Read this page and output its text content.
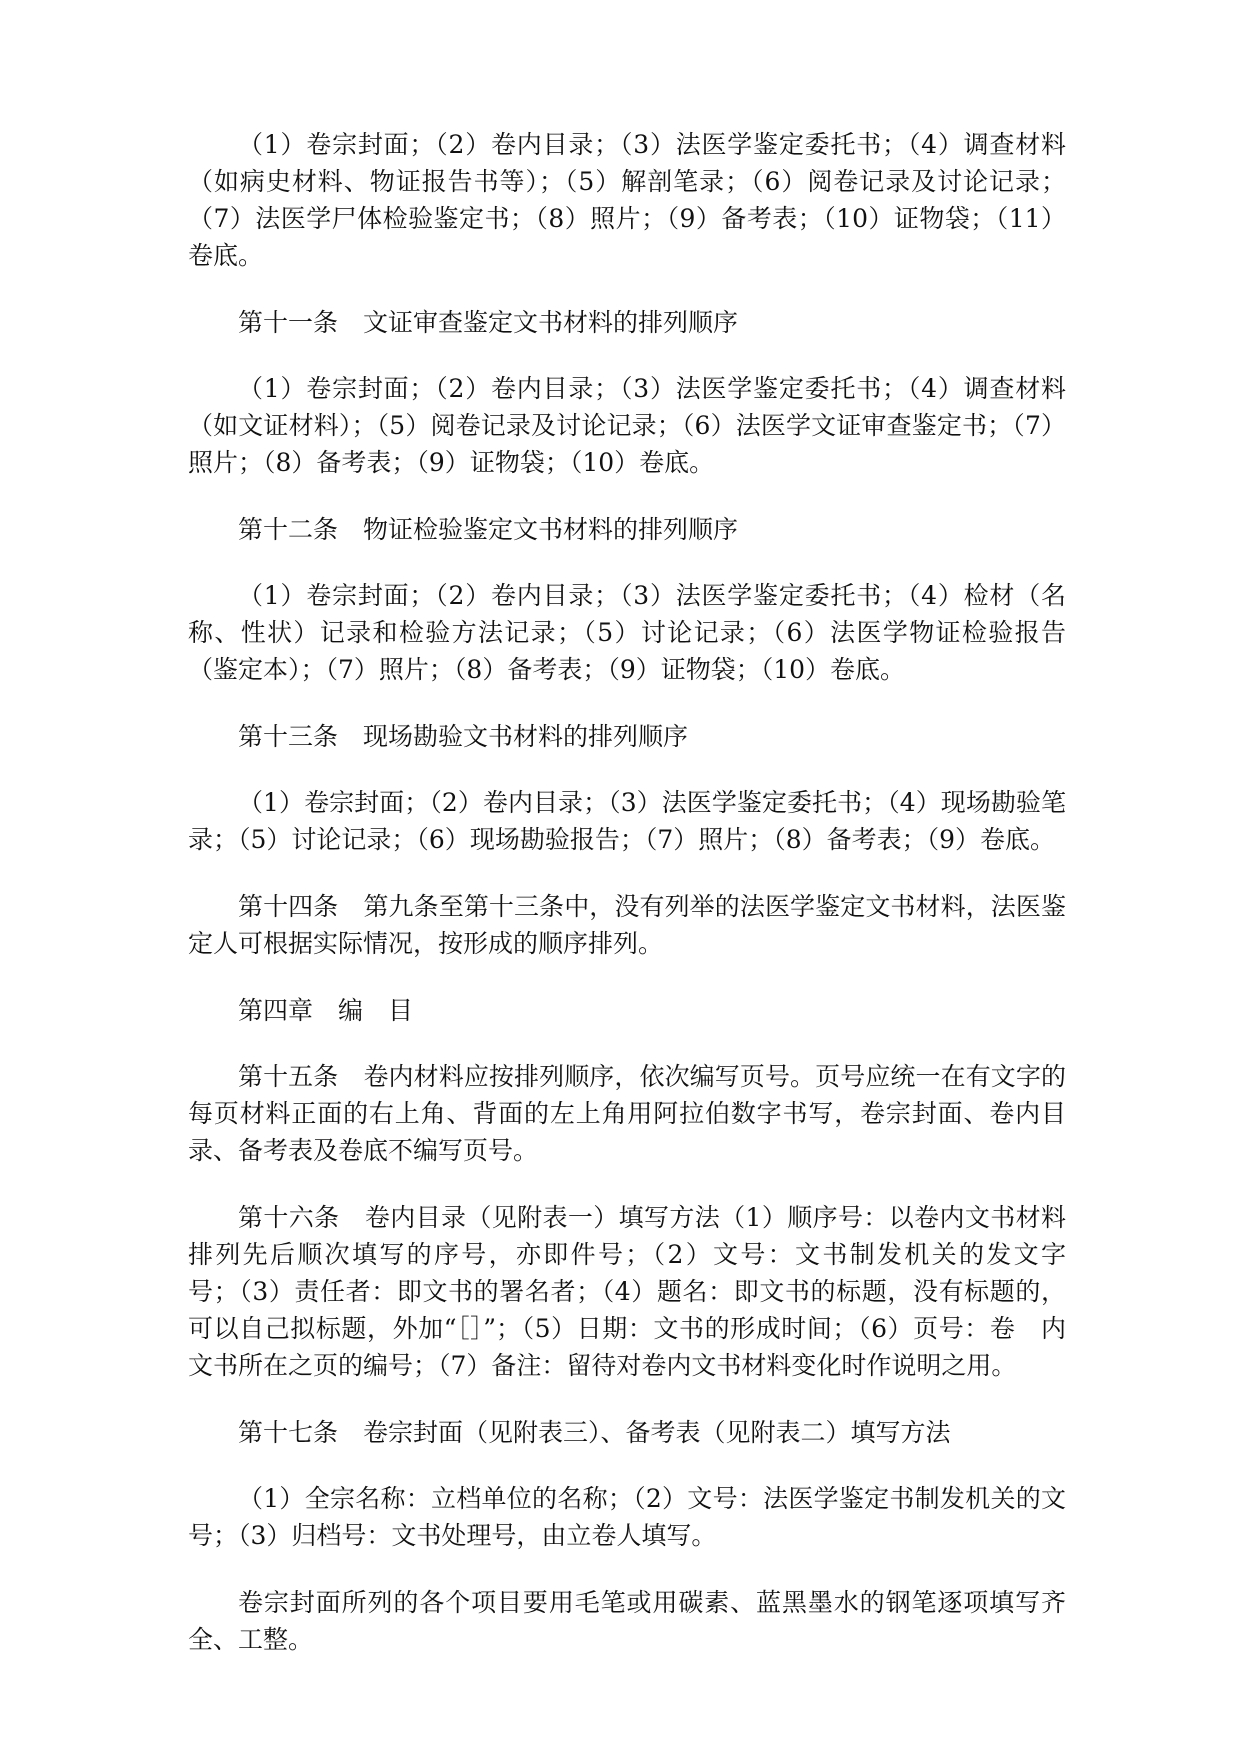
（1）卷宗封面；（2）卷内目录；（3）法医学鉴定委托书；（4）调查材料（如病史材料、物证报告书等）；（5）解剖笔录；（6）阅卷记录及讨论记录；（7）法医学尸体检验鉴定书；（8）照片；（9）备考表；（10）证物袋；（11）卷底。

第十一条　文证审查鉴定文书材料的排列顺序

（1）卷宗封面；（2）卷内目录；（3）法医学鉴定委托书；（4）调查材料（如文证材料）；（5）阅卷记录及讨论记录；（6）法医学文证审查鉴定书；（7）照片；（8）备考表；（9）证物袋；（10）卷底。

第十二条　物证检验鉴定文书材料的排列顺序

（1）卷宗封面；（2）卷内目录；（3）法医学鉴定委托书；（4）检材（名称、性状）记录和检验方法记录；（5）讨论记录；（6）法医学物证检验报告（鉴定本）；（7）照片；（8）备考表；（9）证物袋；（10）卷底。

第十三条　现场勘验文书材料的排列顺序

（1）卷宗封面；（2）卷内目录；（3）法医学鉴定委托书；（4）现场勘验笔录；（5）讨论记录；（6）现场勘验报告；（7）照片；（8）备考表；（9）卷底。

第十四条　第九条至第十三条中，没有列举的法医学鉴定文书材料，法医鉴定人可根据实际情况，按形成的顺序排列。

第四章　编　目

第十五条　卷内材料应按排列顺序，依次编写页号。页号应统一在有文字的每页材料正面的右上角、背面的左上角用阿拉伯数字书写，卷宗封面、卷内目录、备考表及卷底不编写页号。

第十六条　卷内目录（见附表一）填写方法（1）顺序号：以卷内文书材料排列先后顺次填写的序号，亦即件号；（2）文号：文书制发机关的发文字　号；（3）责任者：即文书的署名者；（4）题名：即文书的标题，没有标题的，可以自己拟标题，外加“［］”；（5）日期：文书的形成时间；（6）页号：卷　内文书所在之页的编号；（7）备注：留待对卷内文书材料变化时作说明之用。

第十七条　卷宗封面（见附表三）、备考表（见附表二）填写方法

（1）全宗名称：立档单位的名称；（2）文号：法医学鉴定书制发机关的文号；（3）归档号：文书处理号，由立卷人填写。

卷宗封面所列的各个项目要用毛笔或用碳素、蓝黑墨水的钢笔逐项填写齐全、工整。
